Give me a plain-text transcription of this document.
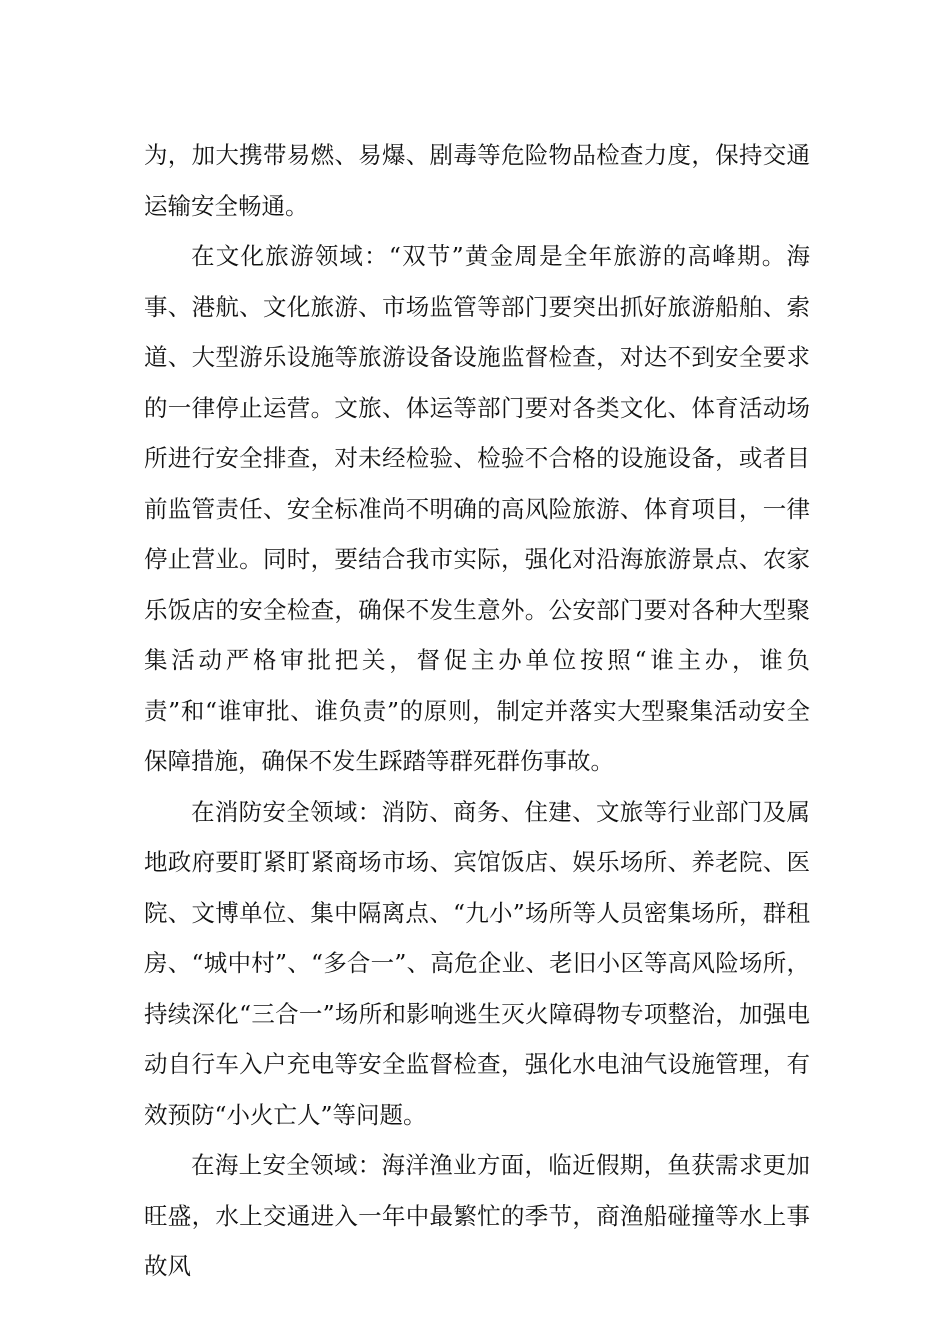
为，加大携带易燃、易爆、剧毒等危险物品检查力度，保持交通运输安全畅通。

在文化旅游领域：“双节”黄金周是全年旅游的高峰期。海事、港航、文化旅游、市场监管等部门要突出抓好旅游船舶、索道、大型游乐设施等旅游设备设施监督检查，对达不到安全要求的一律停止运营。文旅、体运等部门要对各类文化、体育活动场所进行安全排查，对未经检验、检验不合格的设施设备，或者目前监管责任、安全标准尚不明确的高风险旅游、体育项目，一律停止营业。同时，要结合我市实际，强化对沿海旅游景点、农家乐饭店的安全检查，确保不发生意外。公安部门要对各种大型聚集活动严格审批把关，督促主办单位按照“谁主办，谁负责”和“谁审批、谁负责”的原则，制定并落实大型聚集活动安全保障措施，确保不发生踩踏等群死群伤事故。

在消防安全领域：消防、商务、住建、文旅等行业部门及属地政府要盯紧盯紧商场市场、宾馆饭店、娱乐场所、养老院、医院、文博单位、集中隔离点、“九小”场所等人员密集场所，群租房、“城中村”、“多合一”、高危企业、老旧小区等高风险场所，持续深化“三合一”场所和影响逃生灭火障碍物专项整治，加强电动自行车入户充电等安全监督检查，强化水电油气设施管理，有效预防“小火亡人”等问题。

在海上安全领域：海洋渔业方面，临近假期，鱼获需求更加旺盛，水上交通进入一年中最繁忙的季节，商渔船碰撞等水上事故风
